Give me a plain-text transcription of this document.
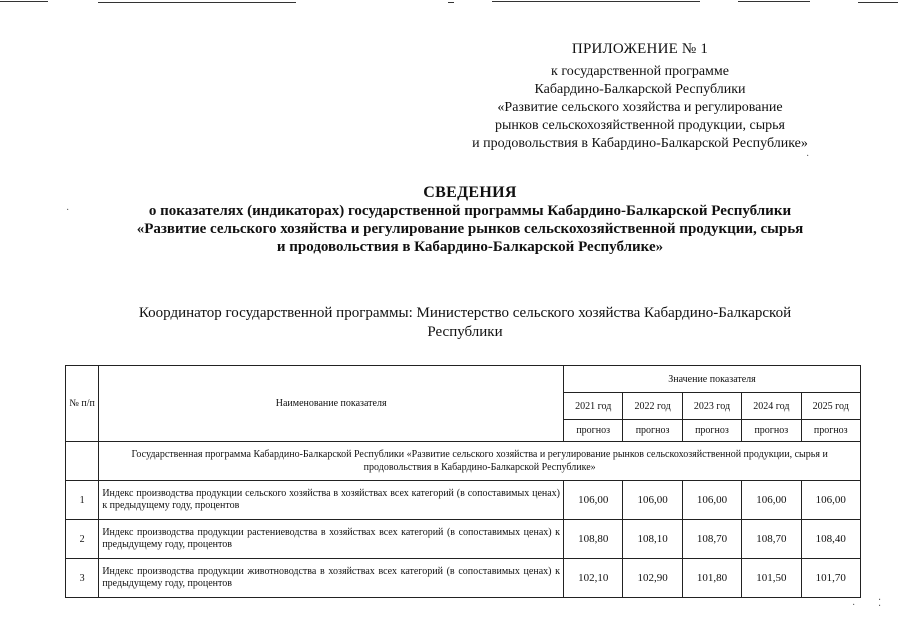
ПРИЛОЖЕНИЕ № 1
к государственной программе
Кабардино-Балкарской Республики
«Развитие сельского хозяйства и регулирование
рынков сельскохозяйственной продукции, сырья
и продовольствия в Кабардино-Балкарской Республике»
СВЕДЕНИЯ
о показателях (индикаторах) государственной программы Кабардино-Балкарской Республики
«Развитие сельского хозяйства и регулирование рынков сельскохозяйственной продукции, сырья
и продовольствия в Кабардино-Балкарской Республике»
Координатор государственной программы: Министерство сельского хозяйства Кабардино-Балкарской
Республики
№ п/п	Наименование показателя	Значение показателя				
		2021 год	2022 год	2023 год	2024 год	2025 год
		прогноз	прогноз	прогноз	прогноз	прогноз
	Государственная программа Кабардино-Балкарской Республики «Развитие сельского хозяйства и регулирование рынков сельскохозяйственной продукции, сырья и продовольствия в Кабардино-Балкарской Республике»					
1	Индекс производства продукции сельского хозяйства в хозяйствах всех категорий (в сопоставимых ценах) к предыдущему году, процентов	106,00	106,00	106,00	106,00	106,00
2	Индекс производства продукции растениеводства в хозяйствах всех категорий (в сопоставимых ценах) к предыдущему году, процентов	108,80	108,10	108,70	108,70	108,40
3	Индекс производства продукции животноводства в хозяйствах всех категорий (в сопоставимых ценах) к предыдущему году, процентов	102,10	102,90	101,80	101,50	101,70
·
·
· ⁚
